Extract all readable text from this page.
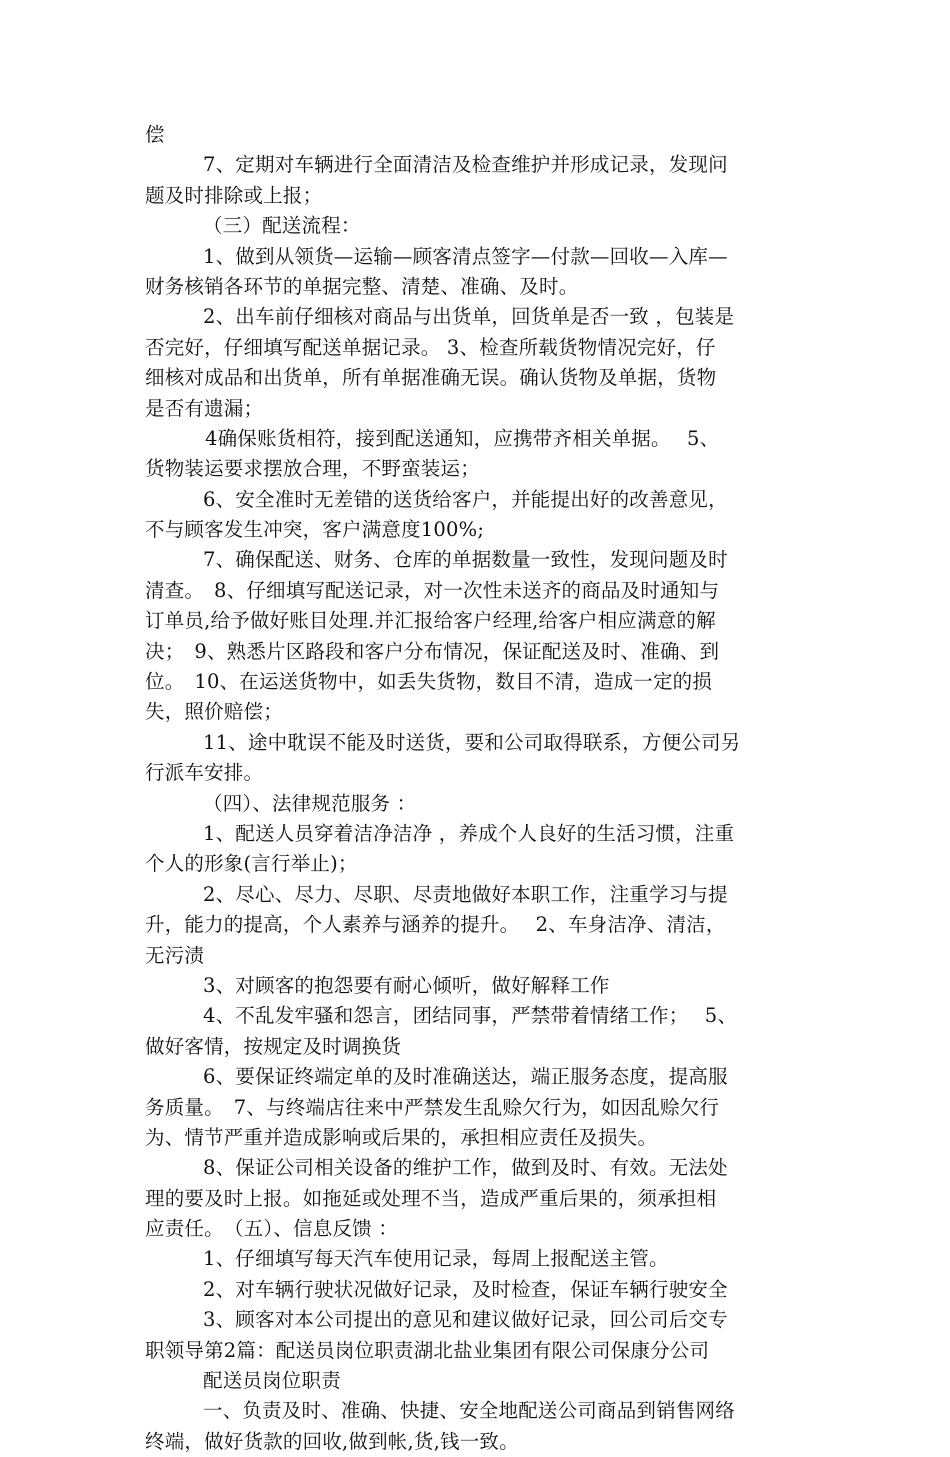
偿
7、定期对车辆进行全面清洁及检查维护并形成记录，发现问
题及时排除或上报；
（三）配送流程：
1、做到从领货—运输—顾客清点签字—付款—回收—入库—
财务核销各环节的单据完整、清楚、准确、及时。
2、出车前仔细核对商品与出货单，回货单是否一致 ，包装是
否完好，仔细填写配送单据记录。 3、检查所载货物情况完好，仔
细核对成品和出货单，所有单据准确无误。确认货物及单据，货物
是否有遗漏；
4确保账货相符，接到配送通知，应携带齐相关单据。　 5、
货物装运要求摆放合理，不野蛮装运；
6、安全准时无差错的送货给客户，并能提出好的改善意见，
不与顾客发生冲突，客户满意度100%;
7、确保配送、财务、仓库的单据数量一致性，发现问题及时
清查。　8、仔细填写配送记录，对一次性未送齐的商品及时通知与
订单员,给予做好账目处理.并汇报给客户经理,给客户相应满意的解
决；　9、熟悉片区路段和客户分布情况，保证配送及时、准确、到
位。　10、在运送货物中，如丢失货物，数目不清，造成一定的损
失，照价赔偿；
11、途中耽误不能及时送货，要和公司取得联系，方便公司另
行派车安排。
（四）、法律规范服务 ：
1、配送人员穿着洁净洁净 ，养成个人良好的生活习惯，注重
个人的形象(言行举止)；
2、尽心、尽力、尽职、尽责地做好本职工作，注重学习与提
升，能力的提高，个人素养与涵养的提升。　 2、车身洁净、清洁，
无污渍
3、对顾客的抱怨要有耐心倾听，做好解释工作
4、不乱发牢骚和怨言，团结同事，严禁带着情绪工作；　 5、
做好客情，按规定及时调换货
6、要保证终端定单的及时准确送达，端正服务态度，提高服
务质量。　7、与终端店往来中严禁发生乱赊欠行为，如因乱赊欠行
为、情节严重并造成影响或后果的，承担相应责任及损失。
8、保证公司相关设备的维护工作，做到及时、有效。无法处
理的要及时上报。如拖延或处理不当，造成严重后果的，须承担相
应责任。　（五）、信息反馈 ：
1、仔细填写每天汽车使用记录，每周上报配送主管。
2、对车辆行驶状况做好记录，及时检查，保证车辆行驶安全
3、顾客对本公司提出的意见和建议做好记录，回公司后交专
职领导第2篇：配送员岗位职责湖北盐业集团有限公司保康分公司
配送员岗位职责
一、负责及时、准确、快捷、安全地配送公司商品到销售网络
终端，做好货款的回收,做到帐,货,钱一致。
